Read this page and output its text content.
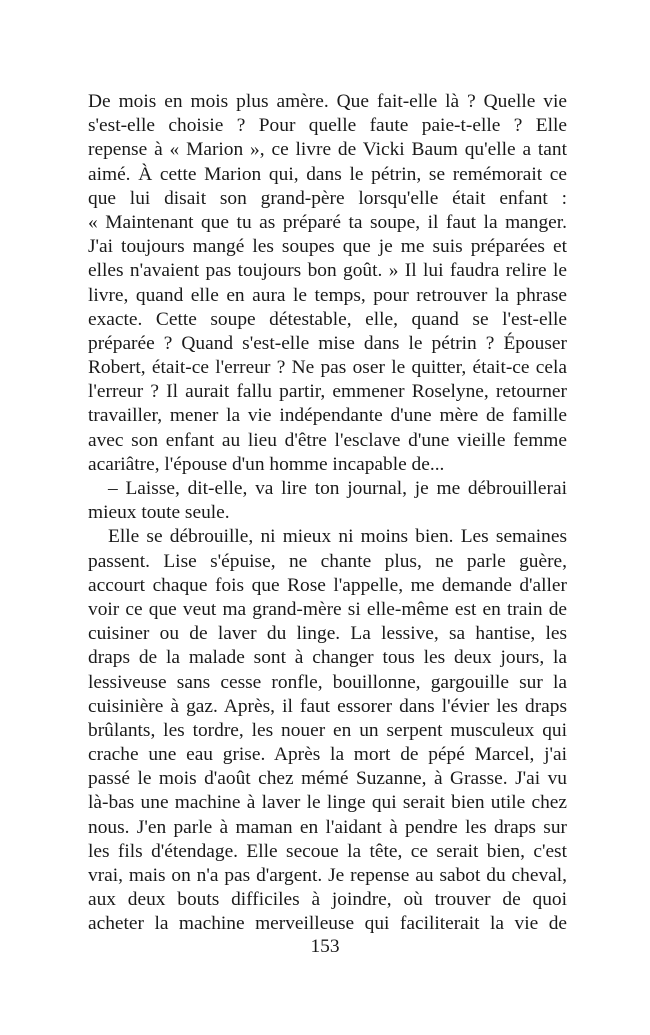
De mois en mois plus amère. Que fait-elle là ? Quelle vie
s'est-elle choisie ? Pour quelle faute paie-t-elle ? Elle
repense à « Marion », ce livre de Vicki Baum qu'elle a tant
aimé. À cette Marion qui, dans le pétrin, se remémorait ce
que lui disait son grand-père lorsqu'elle était enfant :
« Maintenant que tu as préparé ta soupe, il faut la manger.
J'ai toujours mangé les soupes que je me suis préparées et
elles n'avaient pas toujours bon goût. » Il lui faudra relire le
livre, quand elle en aura le temps, pour retrouver la phrase
exacte. Cette soupe détestable, elle, quand se l'est-elle
préparée ? Quand s'est-elle mise dans le pétrin ? Épouser
Robert, était-ce l'erreur ? Ne pas oser le quitter, était-ce cela
l'erreur ? Il aurait fallu partir, emmener Roselyne, retourner
travailler, mener la vie indépendante d'une mère de famille
avec son enfant au lieu d'être l'esclave d'une vieille femme
acariâtre, l'épouse d'un homme incapable de...
– Laisse, dit-elle, va lire ton journal, je me débrouillerai
mieux toute seule.
Elle se débrouille, ni mieux ni moins bien. Les semaines
passent. Lise s'épuise, ne chante plus, ne parle guère,
accourt chaque fois que Rose l'appelle, me demande d'aller
voir ce que veut ma grand-mère si elle-même est en train de
cuisiner ou de laver du linge. La lessive, sa hantise, les
draps de la malade sont à changer tous les deux jours, la
lessiveuse sans cesse ronfle, bouillonne, gargouille sur la
cuisinière à gaz. Après, il faut essorer dans l'évier les draps
brûlants, les tordre, les nouer en un serpent musculeux qui
crache une eau grise. Après la mort de pépé Marcel, j'ai
passé le mois d'août chez mémé Suzanne, à Grasse. J'ai vu
là-bas une machine à laver le linge qui serait bien utile chez
nous. J'en parle à maman en l'aidant à pendre les draps sur
les fils d'étendage. Elle secoue la tête, ce serait bien, c'est
vrai, mais on n'a pas d'argent. Je repense au sabot du cheval,
aux deux bouts difficiles à joindre, où trouver de quoi
acheter la machine merveilleuse qui faciliterait la vie de
153
